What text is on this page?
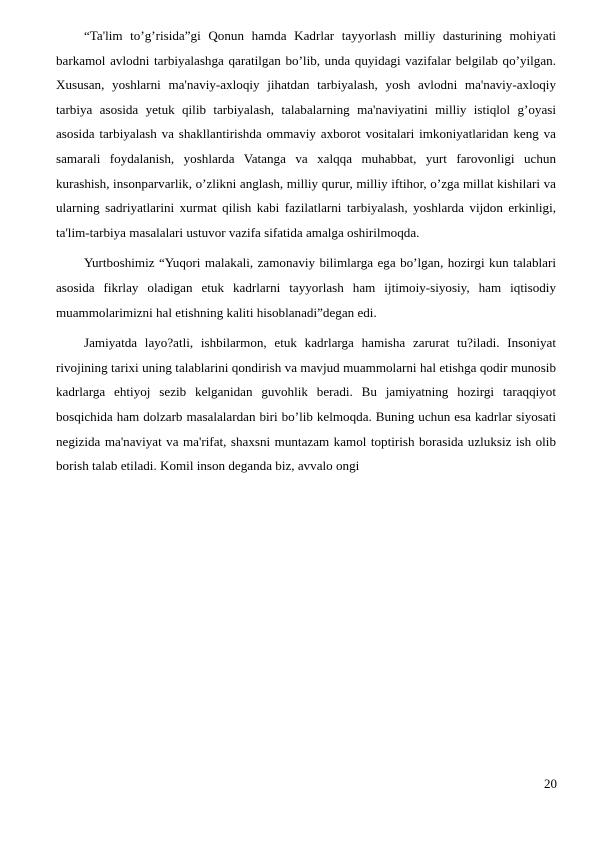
“Ta'lim to’g’risida”gi Qonun hamda Kadrlar tayyorlash milliy dasturining mohiyati barkamol avlodni tarbiyalashga qaratilgan bo’lib, unda quyidagi vazifalar belgilab qo’yilgan. Xususan, yoshlarni ma'naviy-axloqiy jihatdan tarbiyalash, yosh avlodni ma'naviy-axloqiy tarbiya asosida yetuk qilib tarbiyalash, talabalarning ma'naviyatini milliy istiqlol g’oyasi asosida tarbiyalash va shakllantirishda ommaviy axborot vositalari imkoniyatlaridan keng va samarali foydalanish, yoshlarda Vatanga va xalqqa muhabbat, yurt farovonligi uchun kurashish, insonparvarlik, o’zlikni anglash, milliy qurur, milliy iftihor, o’zga millat kishilari va ularning sadriyatlarini xurmat qilish kabi fazilatlarni tarbiyalash, yoshlarda vijdon erkinligi, ta'lim-tarbiya masalalari ustuvor vazifa sifatida amalga oshirilmoqda.

Yurtboshimiz “Yuqori malakali, zamonaviy bilimlarga ega bo’lgan, hozirgi kun talablari asosida fikrlay oladigan etuk kadrlarni tayyorlash ham ijtimoiy-siyosiy, ham iqtisodiy muammolarimizni hal etishning kaliti hisoblanadi”degan edi.

Jamiyatda layo?atli, ishbilarmon, etuk kadrlarga hamisha zarurat tu?iladi. Insoniyat rivojining tarixi uning talablarini qondirish va mavjud muammolarni hal etishga qodir munosib kadrlarga ehtiyoj sezib kelganidan guvohlik beradi. Bu jamiyatning hozirgi taraqqiyot bosqichida ham dolzarb masalalardan biri bo’lib kelmoqda. Buning uchun esa kadrlar siyosati negizida ma'naviyat va ma'rifat, shaxsni muntazam kamol toptirish borasida uzluksiz ish olib borish talab etiladi. Komil inson deganda biz, avvalo ongi

20
